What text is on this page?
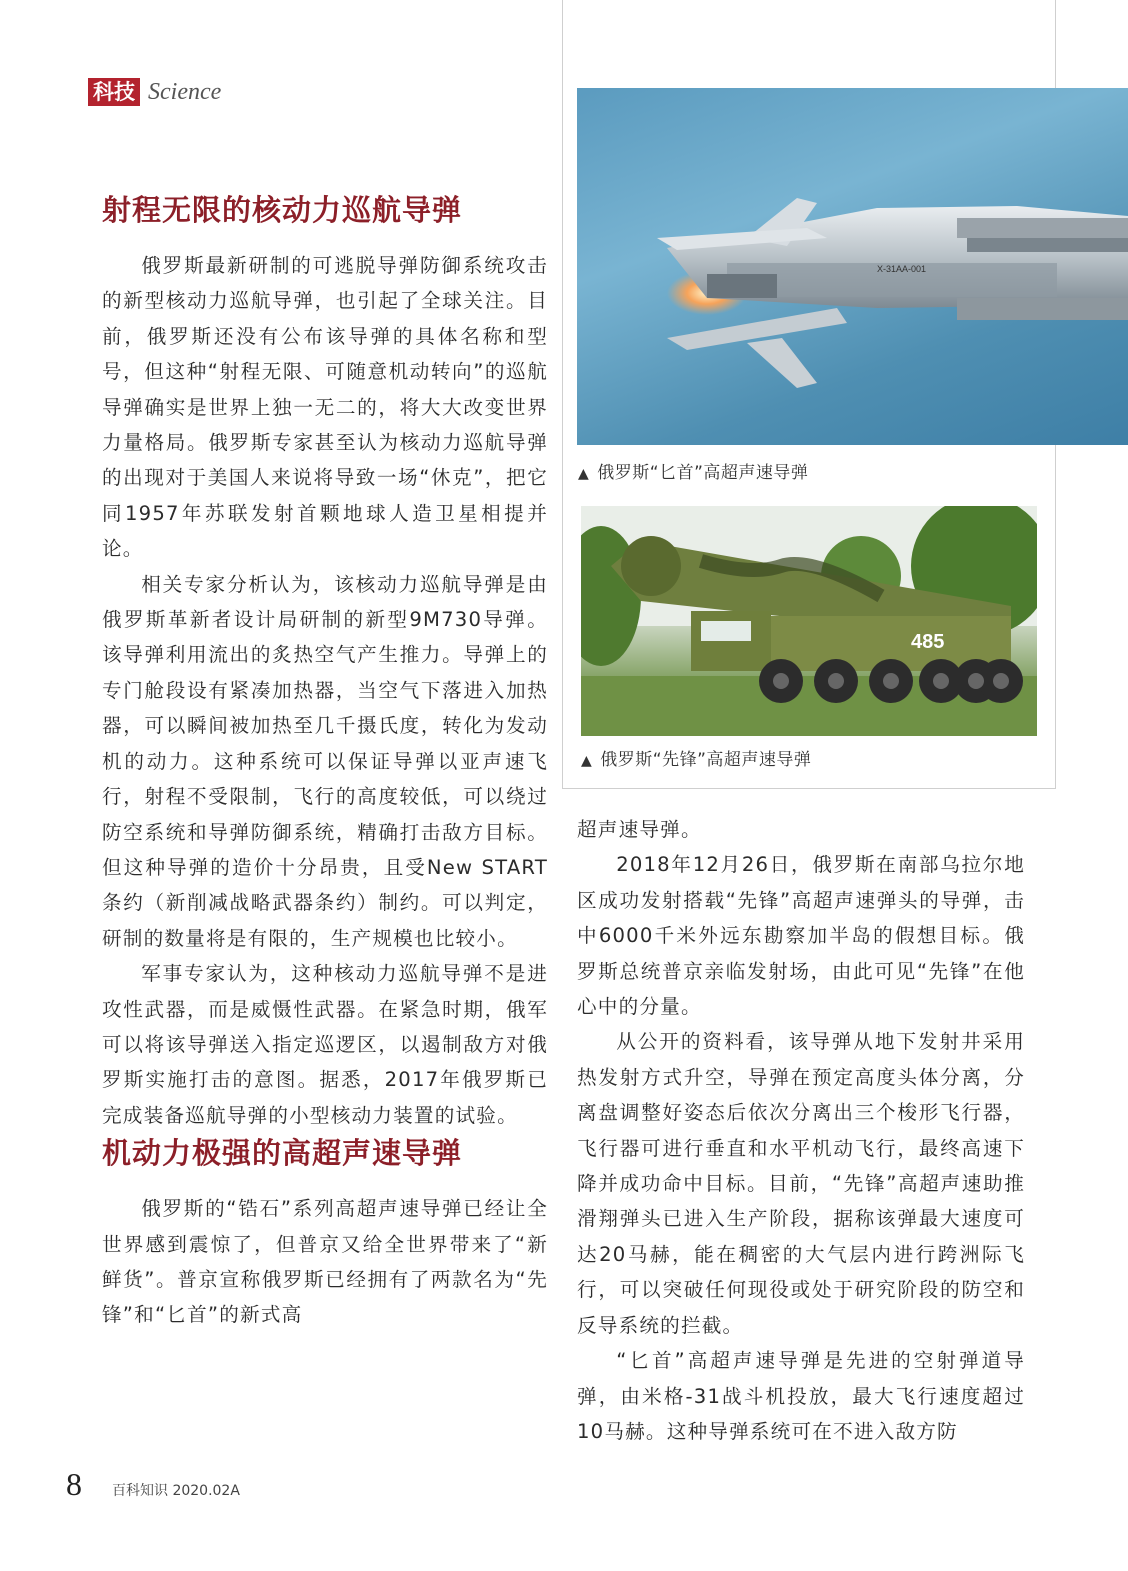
科技 Science
X-31AA-001
▲ 俄罗斯“匕首”高超声速导弹
485
▲ 俄罗斯“先锋”高超声速导弹
射程无限的核动力巡航导弹

俄罗斯最新研制的可逃脱导弹防御系统攻击的新型核动力巡航导弹，也引起了全球关注。目前，俄罗斯还没有公布该导弹的具体名称和型号，但这种“射程无限、可随意机动转向”的巡航导弹确实是世界上独一无二的，将大大改变世界力量格局。俄罗斯专家甚至认为核动力巡航导弹的出现对于美国人来说将导致一场“休克”，把它同1957年苏联发射首颗地球人造卫星相提并论。

相关专家分析认为，该核动力巡航导弹是由俄罗斯革新者设计局研制的新型9M730导弹。该导弹利用流出的炙热空气产生推力。导弹上的专门舱段设有紧凑加热器，当空气下落进入加热器，可以瞬间被加热至几千摄氏度，转化为发动机的动力。这种系统可以保证导弹以亚声速飞行，射程不受限制，飞行的高度较低，可以绕过防空系统和导弹防御系统，精确打击敌方目标。但这种导弹的造价十分昂贵，且受New START条约（新削减战略武器条约）制约。可以判定，研制的数量将是有限的，生产规模也比较小。

军事专家认为，这种核动力巡航导弹不是进攻性武器，而是威慑性武器。在紧急时期，俄军可以将该导弹送入指定巡逻区，以遏制敌方对俄罗斯实施打击的意图。据悉，2017年俄罗斯已完成装备巡航导弹的小型核动力装置的试验。

机动力极强的高超声速导弹

俄罗斯的“锆石”系列高超声速导弹已经让全世界感到震惊了，但普京又给全世界带来了“新鲜货”。普京宣称俄罗斯已经拥有了两款名为“先锋”和“匕首”的新式高

超声速导弹。

2018年12月26日，俄罗斯在南部乌拉尔地区成功发射搭载“先锋”高超声速弹头的导弹，击中6000千米外远东勘察加半岛的假想目标。俄罗斯总统普京亲临发射场，由此可见“先锋”在他心中的分量。

从公开的资料看，该导弹从地下发射井采用热发射方式升空，导弹在预定高度头体分离，分离盘调整好姿态后依次分离出三个梭形飞行器，飞行器可进行垂直和水平机动飞行，最终高速下降并成功命中目标。目前，“先锋”高超声速助推滑翔弹头已进入生产阶段，据称该弹最大速度可达20马赫，能在稠密的大气层内进行跨洲际飞行，可以突破任何现役或处于研究阶段的防空和反导系统的拦截。

“匕首”高超声速导弹是先进的空射弹道导弹，由米格-31战斗机投放，最大飞行速度超过10马赫。这种导弹系统可在不进入敌方防

8 百科知识 2020.02A
